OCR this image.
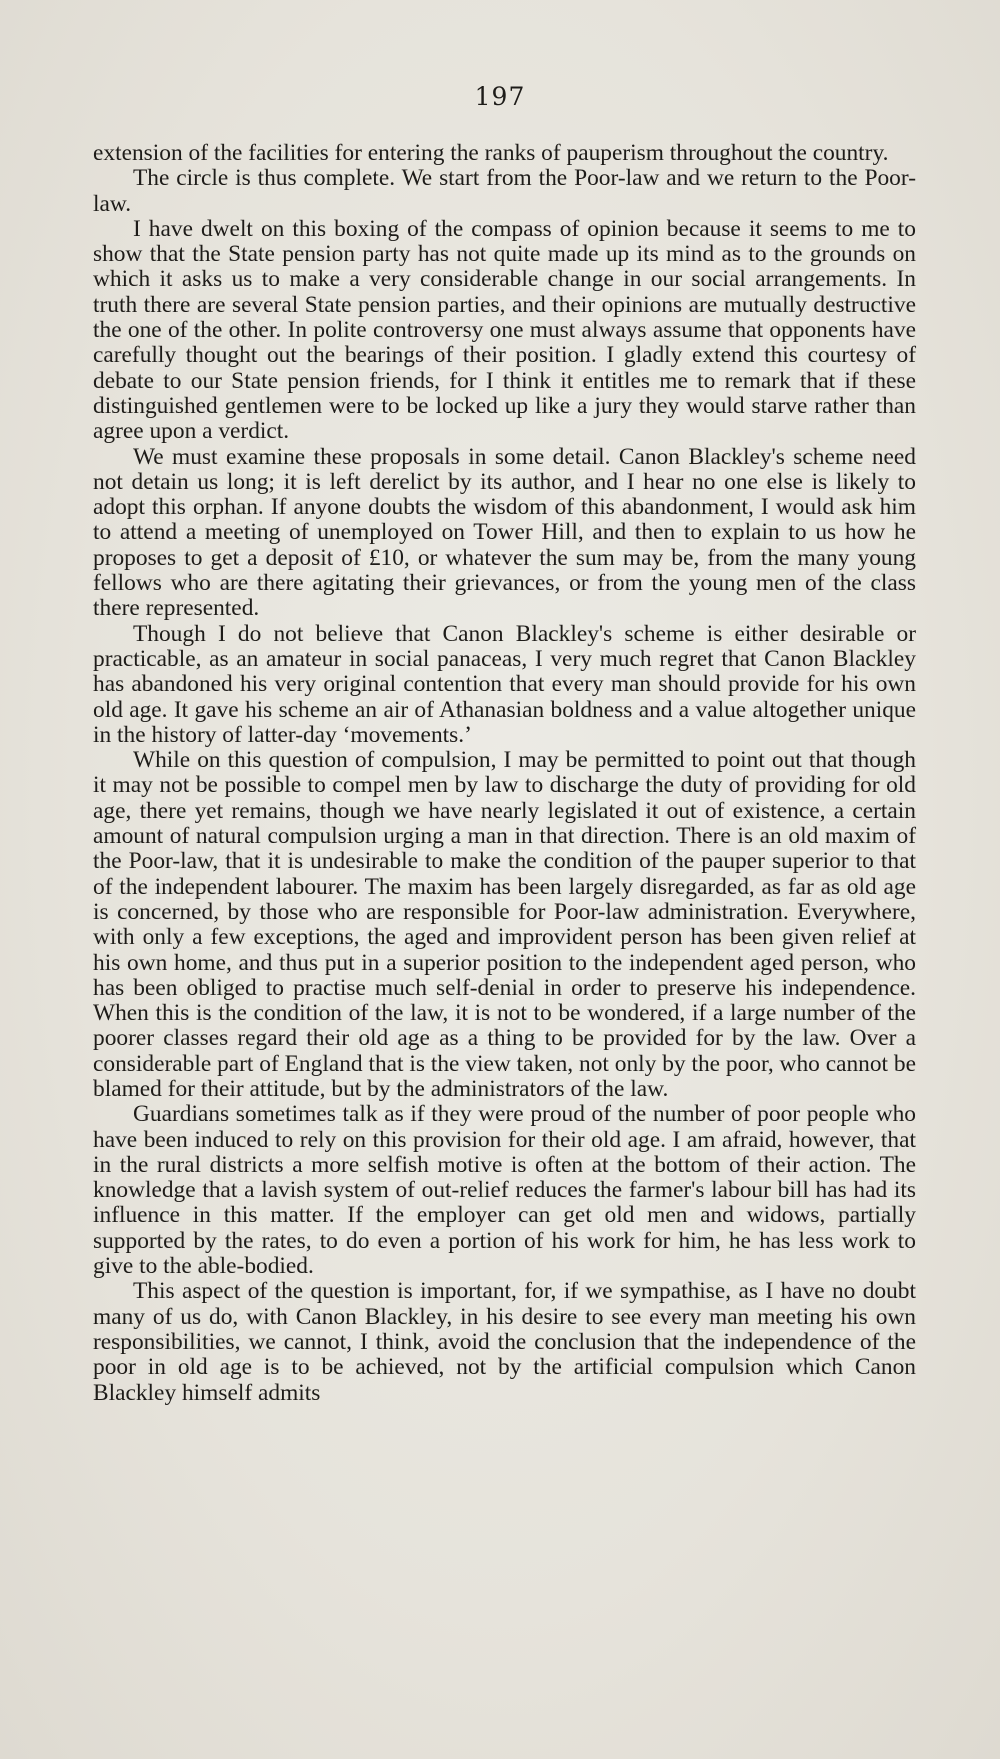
197

extension of the facilities for entering the ranks of pauperism throughout the country.

The circle is thus complete. We start from the Poor-law and we return to the Poor-law.

I have dwelt on this boxing of the compass of opinion because it seems to me to show that the State pension party has not quite made up its mind as to the grounds on which it asks us to make a very considerable change in our social arrangements. In truth there are several State pension parties, and their opinions are mutually destructive the one of the other. In polite controversy one must always assume that opponents have carefully thought out the bearings of their position. I gladly extend this courtesy of debate to our State pension friends, for I think it entitles me to remark that if these distinguished gentlemen were to be locked up like a jury they would starve rather than agree upon a verdict.

We must examine these proposals in some detail. Canon Blackley's scheme need not detain us long; it is left derelict by its author, and I hear no one else is likely to adopt this orphan. If anyone doubts the wisdom of this abandonment, I would ask him to attend a meeting of unemployed on Tower Hill, and then to explain to us how he proposes to get a deposit of £10, or whatever the sum may be, from the many young fellows who are there agitating their grievances, or from the young men of the class there represented.

Though I do not believe that Canon Blackley's scheme is either desirable or practicable, as an amateur in social panaceas, I very much regret that Canon Blackley has abandoned his very original contention that every man should provide for his own old age. It gave his scheme an air of Athanasian boldness and a value altogether unique in the history of latter-day ‘movements.’

While on this question of compulsion, I may be permitted to point out that though it may not be possible to compel men by law to discharge the duty of providing for old age, there yet remains, though we have nearly legislated it out of existence, a certain amount of natural compulsion urging a man in that direction. There is an old maxim of the Poor-law, that it is undesirable to make the condition of the pauper superior to that of the independent labourer. The maxim has been largely disregarded, as far as old age is concerned, by those who are responsible for Poor-law administration. Everywhere, with only a few exceptions, the aged and improvident person has been given relief at his own home, and thus put in a superior position to the independent aged person, who has been obliged to practise much self-denial in order to preserve his independence. When this is the condition of the law, it is not to be wondered, if a large number of the poorer classes regard their old age as a thing to be provided for by the law. Over a considerable part of England that is the view taken, not only by the poor, who cannot be blamed for their attitude, but by the administrators of the law.

Guardians sometimes talk as if they were proud of the number of poor people who have been induced to rely on this provision for their old age. I am afraid, however, that in the rural districts a more selfish motive is often at the bottom of their action. The knowledge that a lavish system of out-relief reduces the farmer's labour bill has had its influence in this matter. If the employer can get old men and widows, partially supported by the rates, to do even a portion of his work for him, he has less work to give to the able-bodied.

This aspect of the question is important, for, if we sympathise, as I have no doubt many of us do, with Canon Blackley, in his desire to see every man meeting his own responsibilities, we cannot, I think, avoid the conclusion that the independence of the poor in old age is to be achieved, not by the artificial compulsion which Canon Blackley himself admits
